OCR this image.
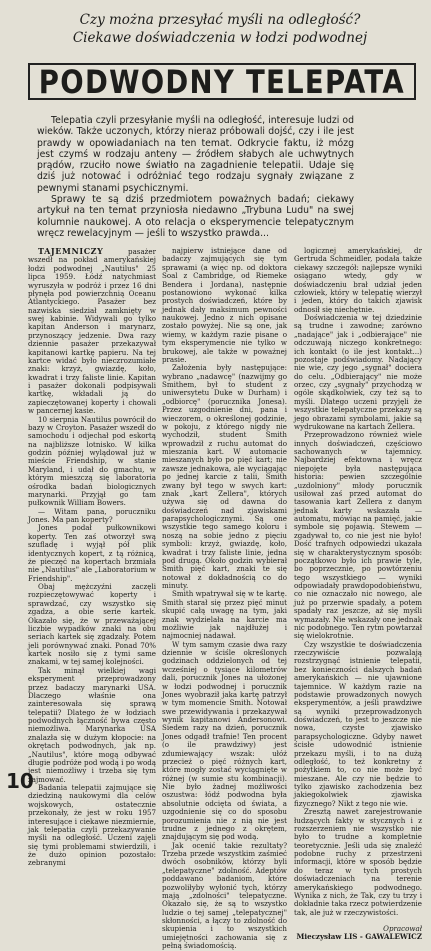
Czy można przesyłać myśli na odległość?
Ciekawe doświadczenia w łodzi podwodnej
PODWODNY TELEPATA

Telepatia czyli przesyłanie myśli na odległość, interesuje ludzi od wieków. Także uczonych, którzy nieraz próbowali dojść, czy i ile jest prawdy w opowiadaniach na ten temat. Odkrycie faktu, iż mózg jest czymś w rodzaju anteny — źródłem słabych ale uchwytnych prądów, rzuciło nowe światło na zagadnienie telepatii. Udaje się dziś już notować i odróżniać tego rodzaju sygnały związane z pewnymi stanami psychicznymi.

Sprawy te są dziś przedmiotem poważnych badań; ciekawy artykuł na ten temat przyniosła niedawno „Trybuna Ludu" na swej kolumnie naukowej. A oto relacja o eksperymencie telepatycznym wręcz rewelacyjnym — jeśli to wszystko prawda...

TAJEMNICZY	pasażer wszedł na pokład amerykańskiej łodzi podwodnej „Nautilus" 25 lipca 1959. Łódź natychmiast wyruszyła w podróż i przez 16 dni płynęła pod powierzchnią Oceanu Atlantyckiego. Pasażer bez nazwiska siedział zamknięty w swej kabinie. Widywali go tylko kapitan Anderson i marynarz, przynoszący jedzenie. Dwa razy dziennie pasażer przekazywał kapitanowi kartkę papieru. Na tej kartce widać było nieczrozumiałe znaki: krzyż, gwiazdę, koło, kwadrat i trzy faliste linie. Kapitan i pasażer dokonali podpisywali kartkę, wkładali ją do zapieczętowanej koperty i chowali w pancernej kasie.

10 sierpnia Nautilus powrócił do bazy w Croyton. Pasażer wszedł do samochodu i odjechał pod eskortą na najbliższe lotnisko. W kilka godzin później wylądował już w mieście Friendship, w stanie Maryland, i udał do gmachu, w którym mieszczą się laboratoria ośrodka badań biologicznych marynarki. Przyjął go tam pułkownik William Bowers.

— Witam pana, poruczniku Jones. Ma pan koperty?

Jones podał pułkownikowi koperty. Ten zaś otworzył swą szufladę i wyjął pół plik identycznych kopert, z tą różnicą, że pieczęć na kopertach brzmiała nie „Nautilus" ale „Laboratorium w Friendship".

Obaj mężczyźni zaczęli rozpieczętowywać koperty i sprawdzać, czy wszystko się zgadza, a obie serie kartek. Okazało się, że w przeważającej liczbie wypadków znaki na obu seriach kartek się zgadzały. Potem jeli porównywać znaki. Ponad 70% kartek nosiło się z tymi same znakami, w tej samej kolejności.

Tak minął wielkiej wagi eksperyment przeprowadzony przez badaczy marynarki USA. Dlaczego właśnie ona zainteresowała się sprawą telepatii? Dlatego że w łodziach podwodnych łączność bywa często niemożliwa. Marynarka USA znalazła się w dużym kłopocie: na okrętach podwodnych, jak np. „Nautilus", które mogą odbywać długie podróże pod wodą i po wodą jest niemożliwy i trzeba się tym zajmować.

Badania telepatii zajmujące się dziedziną naukowymi dla celów wojskowych, ostatecznie przekonały, że jest w roku 1957 interesujące i ciekawe niezmiernie, jak telepatia czyli przekazywanie myśli na odległość. Uczeni zajęli się tymi problemami stwierdzili, i że dużo opinion pozostało: zebranymi

najpierw istniejące dane od badaczy zajmujących się tym sprawami (a więc np. od doktora Soal z Cambridge, od Riemeke Bendera i Jordana), następnie postanowiono wykonać kilka prostych doświadczeń, które by jednak dały maksimum pewności naukowej. Jedno z nich opisane zostało powyżej. Nie są one, jak wiemy, w każdym razie pisane o tym eksperymencie nie tylko w brukowej, ale także w poważnej prasie.

Założenia były następujące: wybrano „nadawcę" (nazwijmy go Smithem, był to student z uniwersytetu Duke w Durham) i „odbiorcę" (porucznika Jonesa). Przez uzgodnienie dni, pana i wieczorem, o określonej godzinie, w pokoju, z którego nigdy nie wychodził, student Smith wprowadził z ruchu automat do mieszania kart. W automacie mieszanych było po pięć kart; nie zawsze jednakowa, ale wyciągając po jednej karcie z talii, Smith zwany był tego w swych kart: znak „kart Zellera", których używa się od dawna do doświadczeń nad zjawiskami parapsychologicznymi. Są one wszystkie tego samego koloru i noszą na sobie jedno z pięciu symboli: krzyż, gwiazdę, koło, kwadrat i trzy faliste linie, jedna pod drugą. Około godzin wybierał Smith pięć kart, znaki te się notował z dokładnością co do minuty.

Smith wpatrywał się w te kartę. Smith starał się przez pięć minut skupić całą uwagę na tym, jaki znak wydzielała na karcie ma możliwie jak najdłużej i najmocniej nadawał.

W tym samym czasie dwa razy dziennie w ściśle określonych godzinach oddzielonych od tej wcześniej o tysiące kilometrów dali, porucznik Jones na ułożonej w łodzi podwodnej i porucznik Jones wyobraził jaka kartę patrzył w tym momencie Smith. Notował swe przewidywania i przekazywał wynik kapitanowi Andersonowi. Siedem razy na dzień, porucznik Jones odgadł trafnie! Ten procent (o ile prawdziwy) jest zdumiewający wszak: ułóż przecież o pięć różnych kart, które mogły zostać wyciągnięte w różnej (w sumie stu kombinacji). Nie było żadnej możliwości oszustwa: łódź podwodna była absolutnie odcięta od świata, a uzgodnienie się co do sposobu porozumienia nie z nią nie jest trudne z jednego z okrętem, znajdującym się pod wodą.

Jak ocenić takie rezultaty? Trzeba przede wszystkim zaśmieć dwóch osobników, którzy byli „telepatyczne" zdolność. Adeptów poddawano badaniom, które pozwoliłyby wyłonić tych, którzy mają „zdolności" telepatyczne. Okazało się, że są to wszystko ludzie o tej samej „telepatycznej" skłonności, a łączy to zdolność do skupienia i to wszystkich umiejętności zachowania się z pełną świadomością.

logicznej amerykańskiej, dr Gertruda Schmeidler, podała także ciekawy szczegół: najlepsze wyniki osiągano wtedy, gdy w doświadczeniu brał udział jeden człowiek, który w telepatię wierzył i jeden, który do takich zjawisk odnosił się niechętnie.

Doświadczenia w tej dziedzinie są trudne i zawodne; zarówno „nadające" jak i „odbierające" nie odczuwają niczego konkretnego: ich kontakt (o ile jest kontakt...) pozostaje podświadomy. Nadający nie wie, czy jego „sygnał" dociera do celu. „Odbierający" nie może orzec, czy „sygnały" przychodzą w ogóle skądkolwiek, czy też są to myśli. Dlatego uczeni przyjęli że wszystkie telepatyczne przekazy są jego obrazami symbolami, jakie są wydrukowane na kartach Zellera.

Przeprowadzono również wiele innych doświadczeń, częściowo sachowanych w tajemnicy. Najbardziej efektowna i wręcz niepojęte była następująca historia: pewien szczególnie „uzdolniony" młody porucznik usiłował zaś przed automat do tasowania kart Zellera z danym jednak karty wskazała — automatu, mówiąc na pamięć, jakie symbole się pojawią. Stewem — zgadywał to, co nie jest nie było! Dość trafnych odpowiedzi ukazała się w charakterystycznym sposób: początkowo było ich prawie tyle, bo poprzecznie, po powtórzeniu tego wszystkiego — wyniki odpowiadały prawdopodobieństwu, co nie oznaczało nic nowego, ale już po przerwie spadały, a potem spadały raz jeszcze, aż się myśli wymazały. Nie wskazały one jednak nic podobnego. Ten rytm powtarzał się wielokrotnie.

Czy wszystkie te doświadczenia rzeczywiście pozwalają rozstrzygnąć istnienie telepatii, bez konieczności dalszych badań amerykańskich — nie ujawnione tajemnice. W każdym razie na podstawie prowadzonych nowych eksperymentów, a jeśli prawdziwe są wyniki przeprowadzonych doświadczeń, to jest to jeszcze nie nowa, czyste zjawisko parapsychologiczne. Gdyby nawet ścisłe udowodnić istnienie przekazu myśli, i to na dużą odległość, to też konkretny z pożytkiem to, co nie może być mieszane. Ale czy nie będzie to tylko zjawisko zachodzenia bez jakiegokolwiek zjawiska fizycznego? Nikt z tego nie wie.

Zresztą nawet zarejestrowanie łudzących fakty w stycznych i z rozszerzeniem nie wszystko nie było to trudne a kompletnie teoretycznie. Jeśli uda się znaleźć podobne ruchy z przestrzeni informacji, które w sposób będzie do teraz w tych prostych doświadczeniach na terenie amerykańskiego podwodnego. Wynika z nich, że Tak, czy tu trzy i dokładnie taka rzecz potwierdzenie tak, ale już w rzeczywistości.

Opracował
Mieczysław LIS - GAWALEWICZ
10
